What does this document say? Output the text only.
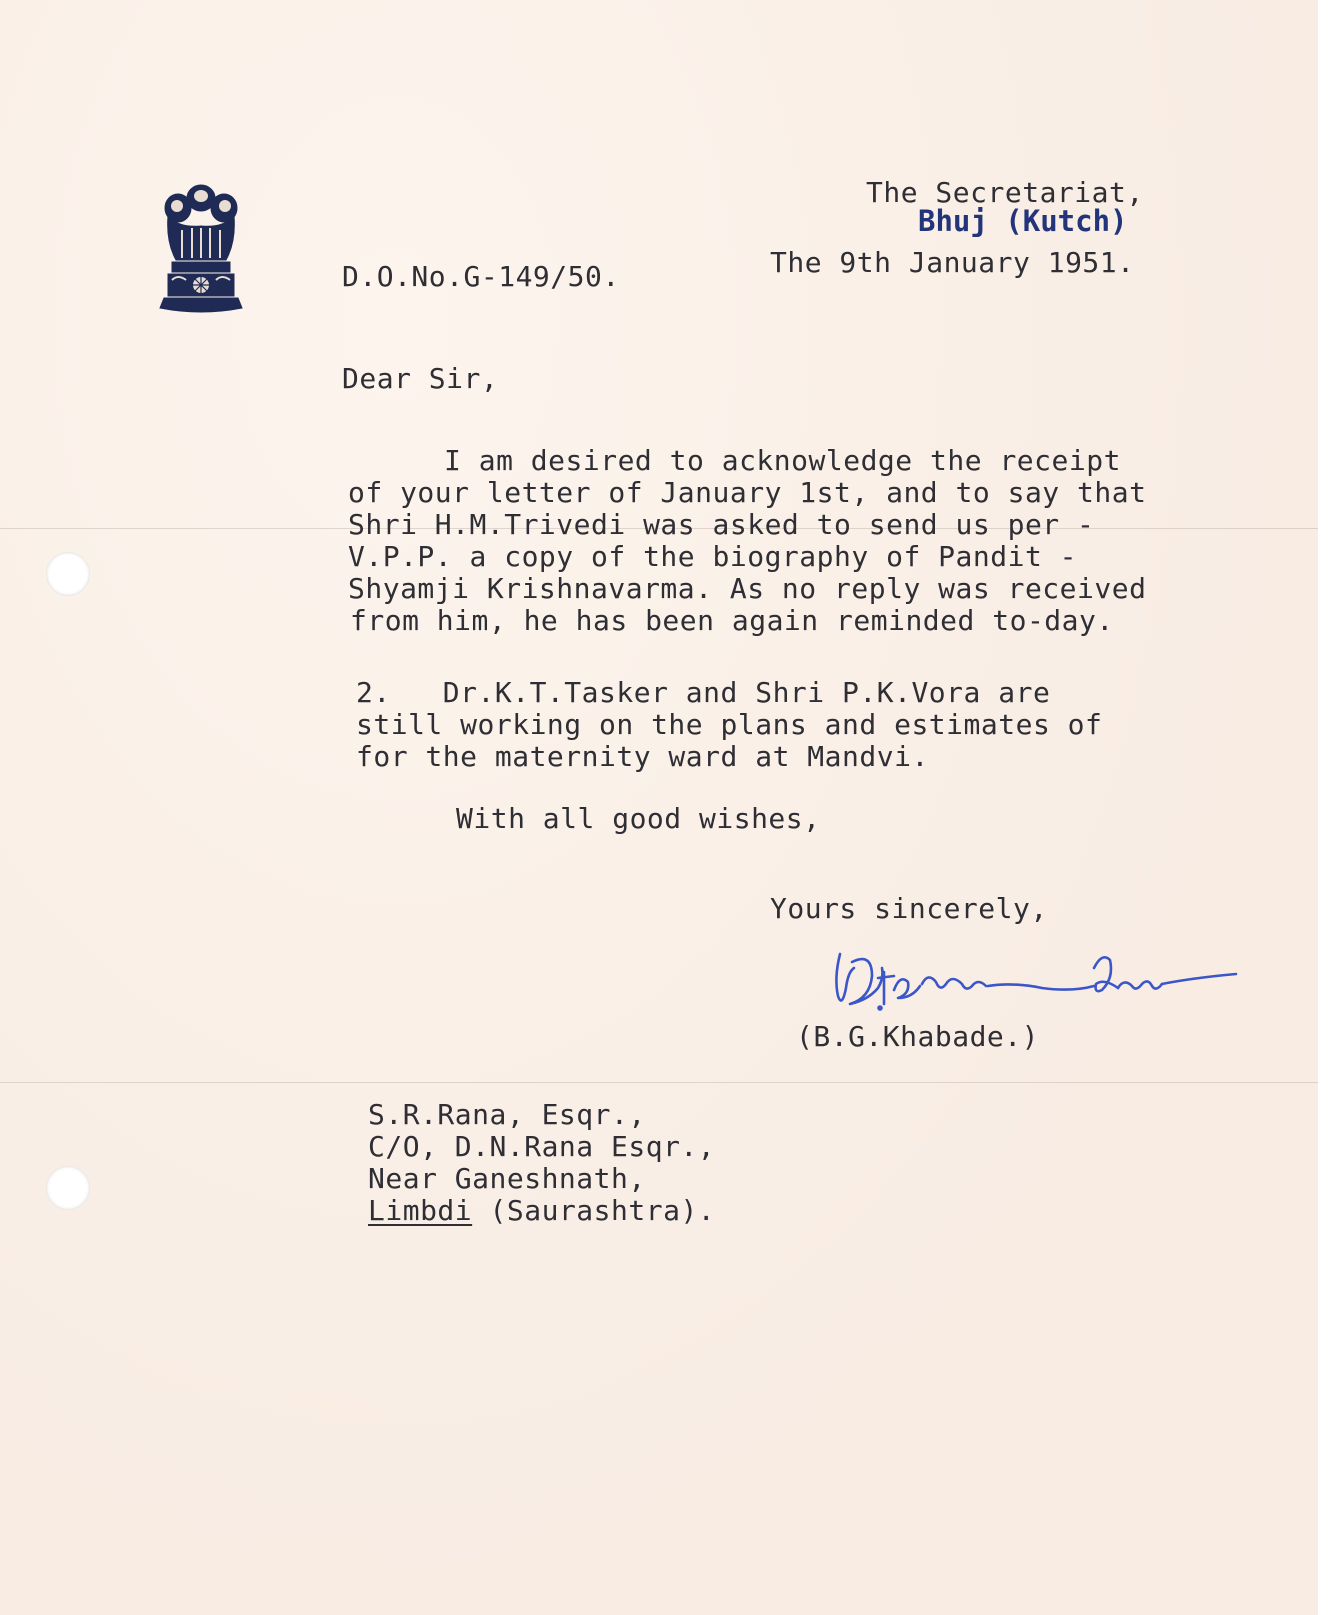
The Secretariat,
Bhuj (Kutch)
D.O.No.G-149/50.	The 9th January 1951.
Dear Sir,
I am desired to acknowledge the receipt
of your letter of January 1st, and to say that
Shri H.M.Trivedi was asked to send us per -
V.P.P. a copy of the biography of Pandit -
Shyamji Krishnavarma. As no reply was received
from him, he has been again reminded to-day.
2.   Dr.K.T.Tasker and Shri P.K.Vora are
still working on the plans and estimates of
for the maternity ward at Mandvi.
With all good wishes,
Yours sincerely,
(B.G.Khabade.)
S.R.Rana, Esqr.,
C/O, D.N.Rana Esqr.,
Near Ganeshnath,
Limbdi (Saurashtra).
